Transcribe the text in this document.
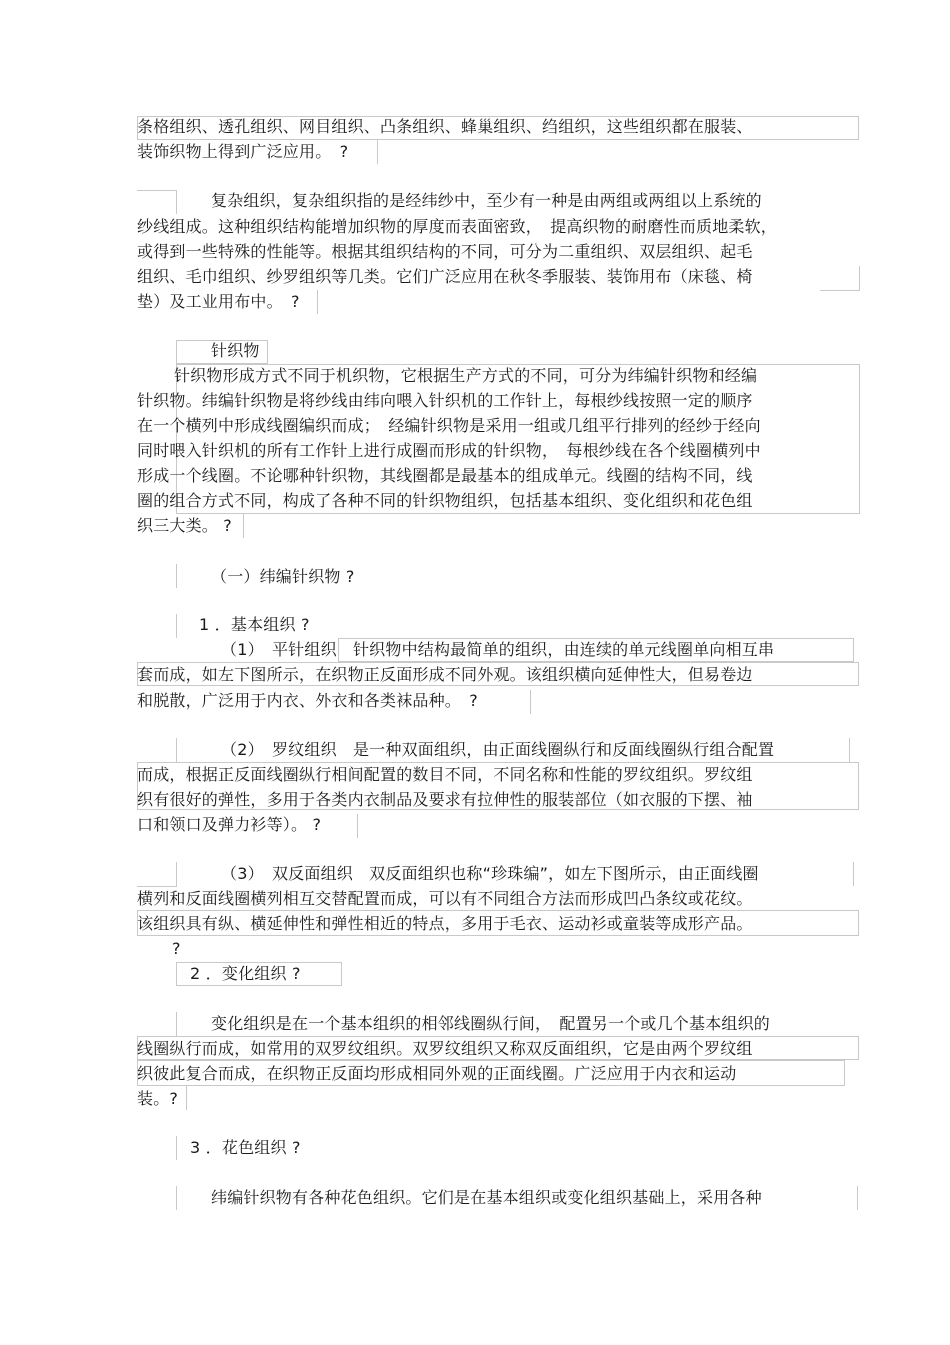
条格组织、透孔组织、网目组织、凸条组织、蜂巢组织、绉组织，这些组织都在服装、
装饰织物上得到广泛应用。　?
复杂组织，复杂组织指的是经纬纱中，至少有一种是由两组或两组以上系统的
纱线组成。这种组织结构能增加织物的厚度而表面密致，　提高织物的耐磨性而质地柔软，
或得到一些特殊的性能等。根据其组织结构的不同，可分为二重组织、双层组织、起毛
组织、毛巾组织、纱罗组织等几类。它们广泛应用在秋冬季服装、装饰用布（床毯、椅
垫）及工业用布中。　?
针织物
针织物形成方式不同于机织物，它根据生产方式的不同，可分为纬编针织物和经编
针织物。纬编针织物是将纱线由纬向喂入针织机的工作针上，每根纱线按照一定的顺序
在一个横列中形成线圈编织而成；　经编针织物是采用一组或几组平行排列的经纱于经向
同时喂入针织机的所有工作针上进行成圈而形成的针织物，　每根纱线在各个线圈横列中
形成一个线圈。不论哪种针织物，其线圈都是最基本的组成单元。线圈的结构不同，线
圈的组合方式不同，构成了各种不同的针织物组织，包括基本组织、变化组织和花色组
织三大类。 ?
（一）纬编针织物 ?
1 ．基本组织 ?
（1）　平针组织　针织物中结构最简单的组织，由连续的单元线圈单向相互串
套而成，如左下图所示，在织物正反面形成不同外观。该组织横向延伸性大，但易卷边
和脱散，广泛用于内衣、外衣和各类袜品种。　?
（2）　罗纹组织　是一种双面组织，由正面线圈纵行和反面线圈纵行组合配置
而成，根据正反面线圈纵行相间配置的数目不同，不同名称和性能的罗纹组织。罗纹组
织有很好的弹性，多用于各类内衣制品及要求有拉伸性的服装部位（如衣服的下摆、袖
口和领口及弹力衫等）。 ?
（3）　双反面组织　双反面组织也称“珍珠编”，如左下图所示，由正面线圈
横列和反面线圈横列相互交替配置而成，可以有不同组合方法而形成凹凸条纹或花纹。
该组织具有纵、横延伸性和弹性相近的特点，多用于毛衣、运动衫或童装等成形产品。
?
2 ．变化组织 ?
变化组织是在一个基本组织的相邻线圈纵行间，　配置另一个或几个基本组织的
线圈纵行而成，如常用的双罗纹组织。双罗纹组织又称双反面组织，它是由两个罗纹组
织彼此复合而成，在织物正反面均形成相同外观的正面线圈。广泛应用于内衣和运动
装。?
3 ．花色组织 ?
纬编针织物有各种花色组织。它们是在基本组织或变化组织基础上，采用各种
